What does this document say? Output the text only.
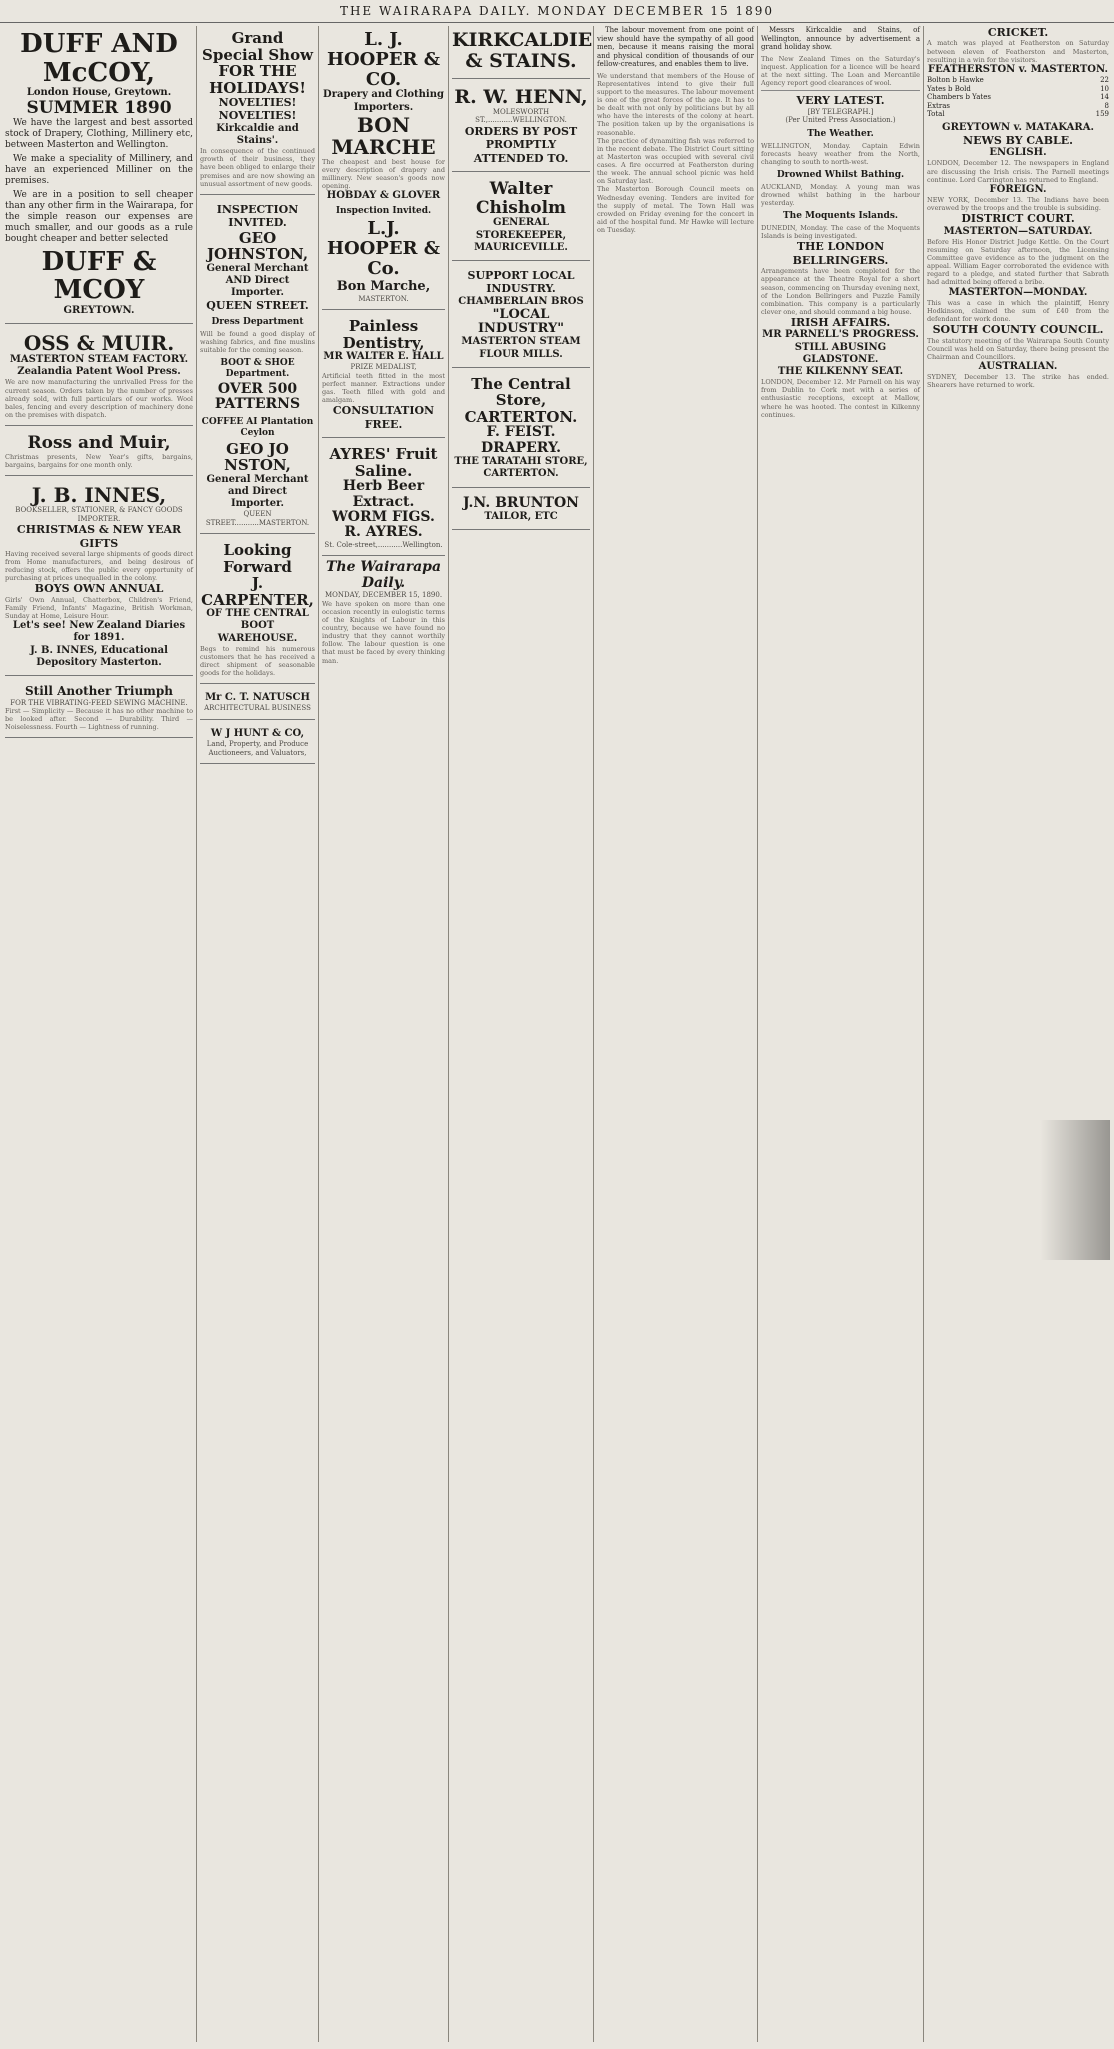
THE WAIRARAPA DAILY. MONDAY DECEMBER 15 1890
DUFF AND McCOY,
London House, Greytown.
SUMMER 1890
We have the largest and best assorted stock of Drapery, Clothing, Millinery etc, between Masterton and Wellington.
We make a speciality of Millinery, and have an experienced Milliner on the premises.
We are in a position to sell cheaper than any other firm in the Wairarapa, for the simple reason our expenses are much smaller, and our goods as a rule bought cheaper and better selected
DUFF & MCOY
GREYTOWN.
OSS & MUIR.
MASTERTON STEAM FACTORY.
Zealandia Patent Wool Press.
We are now manufacturing the unrivalled Press for the current season. Orders taken by the number of presses already sold, with full particulars of our works. Wool bales, fencing and every description of machinery done on the premises with dispatch.
Ross and Muir,
Christmas presents, New Year's gifts, bargains, bargains, bargains for one month only.
J. B. INNES,
BOOKSELLER, STATIONER, & FANCY GOODS IMPORTER.
CHRISTMAS & NEW YEAR GIFTS
Having received several large shipments of goods direct from Home manufacturers, and being desirous of reducing stock, offers the public every opportunity of purchasing at prices unequalled in the colony.
BOYS OWN ANNUAL
Girls' Own Annual, Chatterbox, Children's Friend, Family Friend, Infants' Magazine, British Workman, Sunday at Home, Leisure Hour.
Let's see! New Zealand Diaries for 1891.
J. B. INNES, Educational Depository Masterton.
Still Another Triumph
FOR THE VIBRATING-FEED SEWING MACHINE.
First — Simplicity — Because it has no other machine to be looked after. Second — Durability. Third — Noiselessness. Fourth — Lightness of running.
Grand Special Show FOR THE HOLIDAYS!
NOVELTIES! NOVELTIES!
Kirkcaldie and Stains'.
In consequence of the continued growth of their business, they have been obliged to enlarge their premises and are now showing an unusual assortment of new goods.
INSPECTION INVITED.
GEO JOHNSTON,
General Merchant AND Direct Importer.
QUEEN STREET.
Dress Department
Will be found a good display of washing fabrics, and fine muslins suitable for the coming season.
BOOT & SHOE Department.
OVER 500 PATTERNS
COFFEE AI Plantation Ceylon
GEO JO NSTON,
General Merchant and Direct Importer.
QUEEN STREET...........MASTERTON.
Looking Forward
J. CARPENTER,
OF THE CENTRAL BOOT WAREHOUSE.
Begs to remind his numerous customers that he has received a direct shipment of seasonable goods for the holidays.
Mr C. T. NATUSCH
ARCHITECTURAL BUSINESS
W J HUNT & CO,
Land, Property, and Produce Auctioneers, and Valuators,
L. J. HOOPER & CO.
Drapery and Clothing Importers.
BON MARCHE
The cheapest and best house for every description of drapery and millinery. New season's goods now opening.
HOBDAY & GLOVER
Inspection Invited.
L.J. HOOPER & Co.
Bon Marche,
MASTERTON.
Painless Dentistry,
MR WALTER E. HALL
PRIZE MEDALIST,
Artificial teeth fitted in the most perfect manner. Extractions under gas. Teeth filled with gold and amalgam.
CONSULTATION FREE.
AYRES' Fruit Saline.
Herb Beer Extract.
WORM FIGS.
R. AYRES.
St. Cole-street,...........Wellington.
The Wairarapa Daily.
MONDAY, DECEMBER 15, 1890.
We have spoken on more than one occasion recently in eulogistic terms of the Knights of Labour in this country, because we have found no industry that they cannot worthily follow. The labour question is one that must be faced by every thinking man.
KIRKCALDIE & STAINS.
R. W. HENN,
MOLESWORTH ST.,...........WELLINGTON.
ORDERS BY POST PROMPTLY ATTENDED TO.
Walter Chisholm
GENERAL STOREKEEPER, MAURICEVILLE.
SUPPORT LOCAL INDUSTRY.
CHAMBERLAIN BROS
"LOCAL INDUSTRY"
MASTERTON STEAM FLOUR MILLS.
The Central Store, CARTERTON.
F. FEIST.
DRAPERY.
THE TARATAHI STORE, CARTERTON.
J.N. BRUNTON
TAILOR, ETC
The labour movement from one point of view should have the sympathy of all good men, because it means raising the moral and physical condition of thousands of our fellow-creatures, and enables them to live.
We understand that members of the House of Representatives intend to give their full support to the measures. The labour movement is one of the great forces of the age. It has to be dealt with not only by politicians but by all who have the interests of the colony at heart. The position taken up by the organisations is reasonable.
The practice of dynamiting fish was referred to in the recent debate. The District Court sitting at Masterton was occupied with several civil cases. A fire occurred at Featherston during the week. The annual school picnic was held on Saturday last.
The Masterton Borough Council meets on Wednesday evening. Tenders are invited for the supply of metal. The Town Hall was crowded on Friday evening for the concert in aid of the hospital fund. Mr Hawke will lecture on Tuesday.
Messrs Kirkcaldie and Stains, of Wellington, announce by advertisement a grand holiday show.
The New Zealand Times on the Saturday's inquest. Application for a licence will be heard at the next sitting. The Loan and Mercantile Agency report good clearances of wool.
VERY LATEST.
[BY TELEGRAPH.]
(Per United Press Association.)
The Weather.
WELLINGTON, Monday. Captain Edwin forecasts heavy weather from the North, changing to south to north-west.
Drowned Whilst Bathing.
AUCKLAND, Monday. A young man was drowned whilst bathing in the harbour yesterday.
The Moquents Islands.
DUNEDIN, Monday. The case of the Moquents Islands is being investigated.
THE LONDON BELLRINGERS.
Arrangements have been completed for the appearance at the Theatre Royal for a short season, commencing on Thursday evening next, of the London Bellringers and Puzzle Family combination. This company is a particularly clever one, and should command a big house.
IRISH AFFAIRS.
MR PARNELL'S PROGRESS.
STILL ABUSING GLADSTONE.
THE KILKENNY SEAT.
LONDON, December 12. Mr Parnell on his way from Dublin to Cork met with a series of enthusiastic receptions, except at Mallow, where he was hooted. The contest in Kilkenny continues.
CRICKET.
A match was played at Featherston on Saturday between eleven of Featherston and Masterton, resulting in a win for the visitors.
FEATHERSTON v. MASTERTON.
Bolton b Hawke	22
Yates b Bold	10
Chambers b Yates	14
Extras	8
Total	159
GREYTOWN v. MATAKARA.
NEWS BY CABLE.
ENGLISH.
LONDON, December 12. The newspapers in England are discussing the Irish crisis. The Parnell meetings continue. Lord Carrington has returned to England.
FOREIGN.
NEW YORK, December 13. The Indians have been overawed by the troops and the trouble is subsiding.
DISTRICT COURT.
MASTERTON—SATURDAY.
Before His Honor District Judge Kettle. On the Court resuming on Saturday afternoon, the Licensing Committee gave evidence as to the judgment on the appeal. William Eager corroborated the evidence with regard to a pledge, and stated further that Sabrath had admitted being offered a bribe.
MASTERTON—MONDAY.
This was a case in which the plaintiff, Henry Hodkinson, claimed the sum of £40 from the defendant for work done.
SOUTH COUNTY COUNCIL.
The statutory meeting of the Wairarapa South County Council was held on Saturday, there being present the Chairman and Councillors.
AUSTRALIAN.
SYDNEY, December 13. The strike has ended. Shearers have returned to work.
